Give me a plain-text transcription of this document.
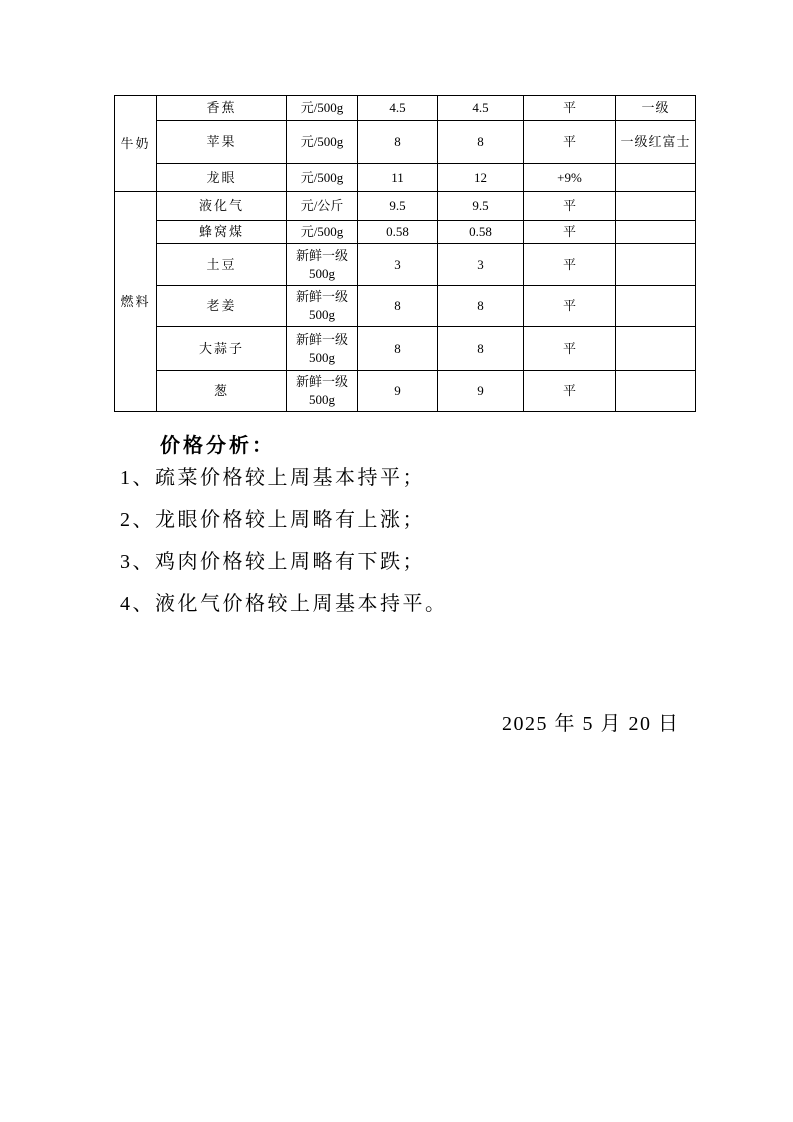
牛奶	香蕉	元/500g	4.5	4.5	平	一级
	苹果	元/500g	8	8	平	一级红富士
	龙眼	元/500g	11	12	+9%	
燃料	液化气	元/公斤	9.5	9.5	平	
	蜂窝煤	元/500g	0.58	0.58	平	
	土豆	新鲜一级500g	3	3	平	
	老姜	新鲜一级500g	8	8	平	
	大蒜子	新鲜一级500g	8	8	平	
	葱	新鲜一级500g	9	9	平	
价格分析：
1、疏菜价格较上周基本持平；
2、龙眼价格较上周略有上涨；
3、鸡肉价格较上周略有下跌；
4、液化气价格较上周基本持平。
2025 年 5 月 20 日
